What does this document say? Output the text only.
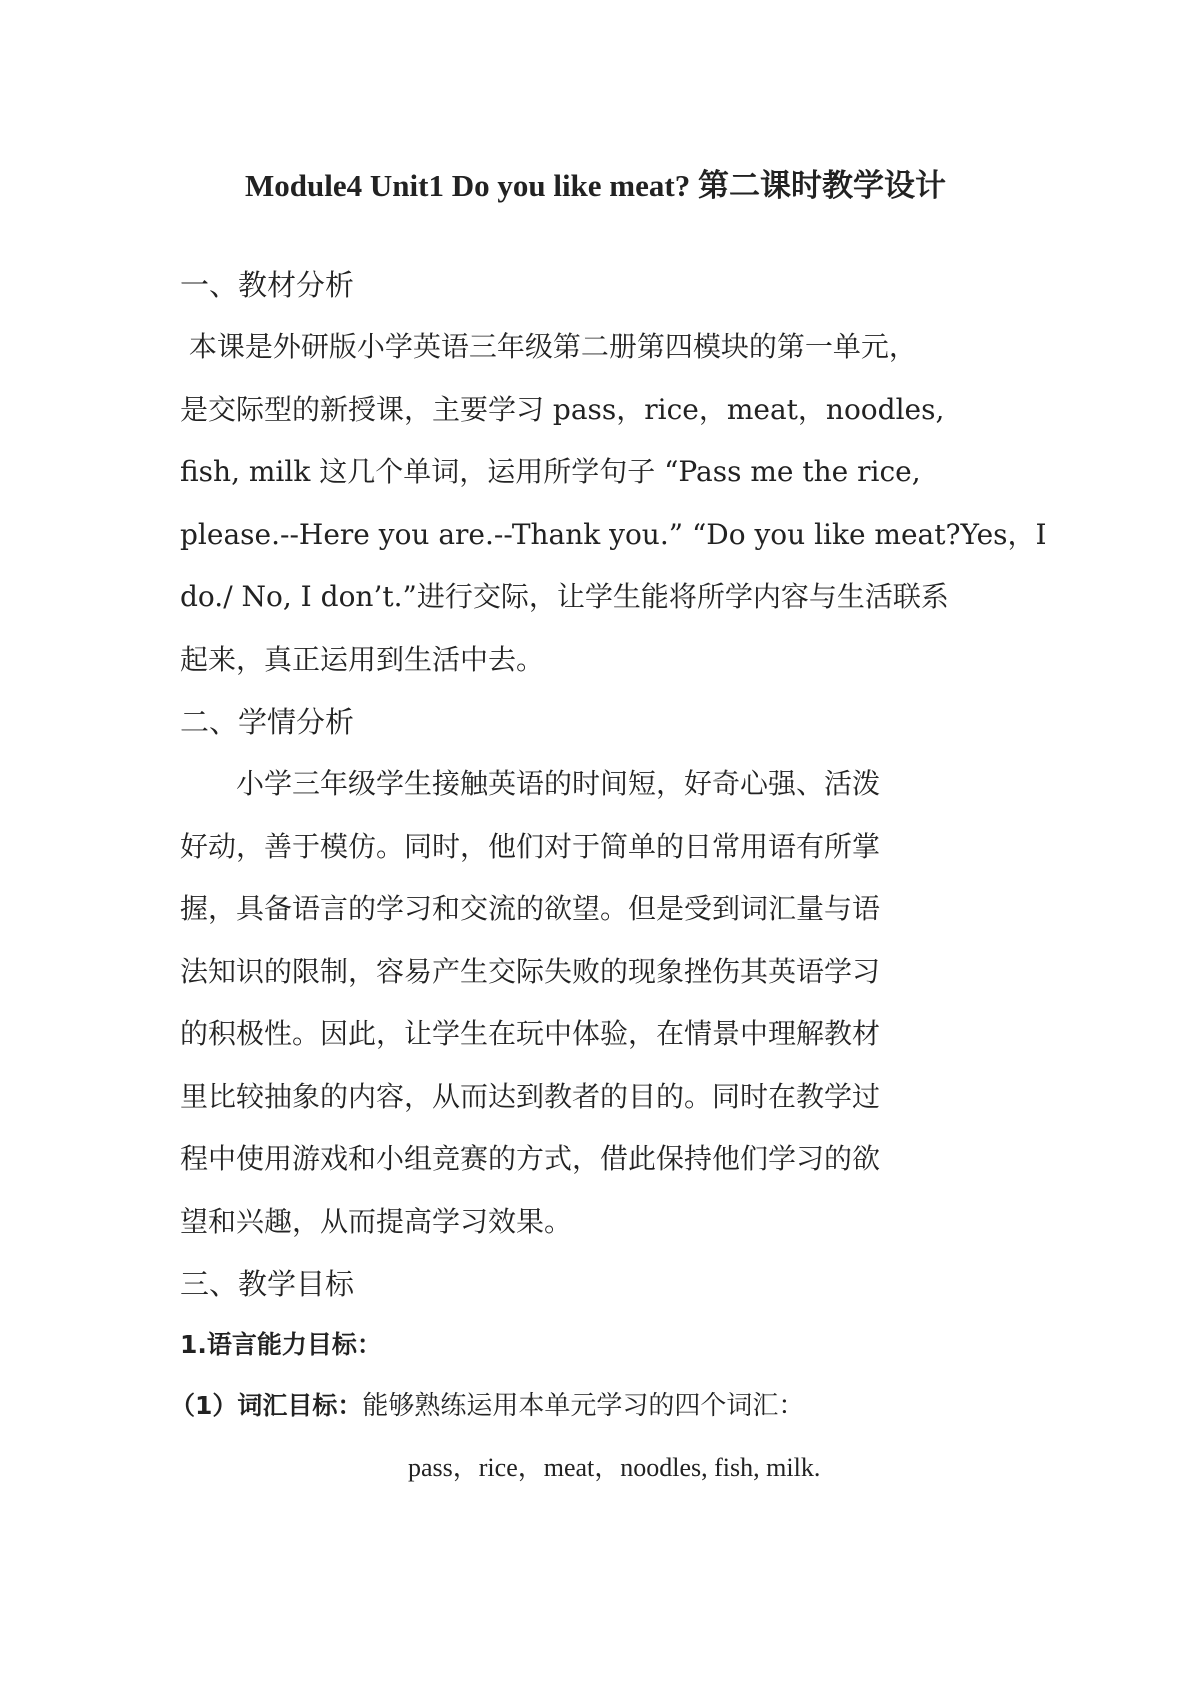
Module4 Unit1 Do you like meat? 第二课时教学设计
一、教材分析
本课是外研版小学英语三年级第二册第四模块的第一单元，
是交际型的新授课，主要学习 pass，rice，meat，noodles,
fish, milk 这几个单词，运用所学句子 “Pass me the rice,
please.--Here you are.--Thank you.” “Do you like meat?Yes，I
do./ No, I don’t.”进行交际，让学生能将所学内容与生活联系
起来，真正运用到生活中去。
二、学情分析
　　小学三年级学生接触英语的时间短，好奇心强、活泼
好动，善于模仿。同时，他们对于简单的日常用语有所掌
握，具备语言的学习和交流的欲望。但是受到词汇量与语
法知识的限制，容易产生交际失败的现象挫伤其英语学习
的积极性。因此，让学生在玩中体验，在情景中理解教材
里比较抽象的内容，从而达到教者的目的。同时在教学过
程中使用游戏和小组竞赛的方式，借此保持他们学习的欲
望和兴趣，从而提高学习效果。
三、教学目标
1.语言能力目标：
（1）词汇目标：能够熟练运用本单元学习的四个词汇：
pass，rice，meat，noodles, fish, milk.
